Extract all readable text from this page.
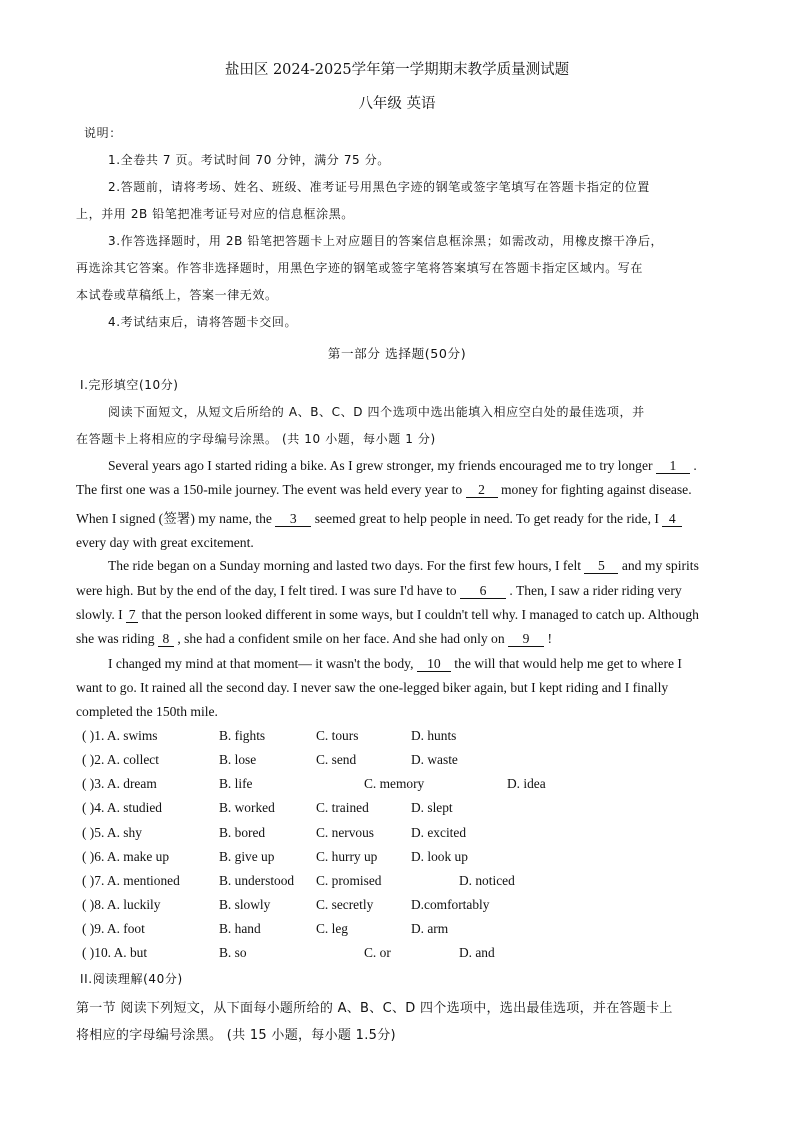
盐田区 2024-2025学年第一学期期末教学质量测试题
八年级 英语
说明：
1.全卷共 7 页。考试时间 70 分钟，满分 75 分。
2.答题前，请将考场、姓名、班级、准考证号用黑色字迹的钢笔或签字笔填写在答题卡指定的位置
上，并用 2B 铅笔把准考证号对应的信息框涂黑。
3.作答选择题时，用 2B 铅笔把答题卡上对应题目的答案信息框涂黑；如需改动，用橡皮擦干净后，
再选涂其它答案。作答非选择题时，用黑色字迹的钢笔或签字笔将答案填写在答题卡指定区域内。写在
本试卷或草稿纸上，答案一律无效。
4.考试结束后，请将答题卡交回。
第一部分 选择题(50分)
I.完形填空(10分)
阅读下面短文，从短文后所给的 A、B、C、D 四个选项中选出能填入相应空白处的最佳选项，并
在答题卡上将相应的字母编号涂黑。 (共 10 小题，每小题 1 分)
Several years ago I started riding a bike. As I grew stronger, my friends encouraged me to try longer 1 .
The first one was a 150-mile journey. The event was held every year to 2 money for fighting against disease.
When I signed (签署) my name, the 3 seemed great to help people in need. To get ready for the ride, I 4
every day with great excitement.
The ride began on a Sunday morning and lasted two days. For the first few hours, I felt 5 and my spirits
were high. But by the end of the day, I felt tired. I was sure I'd have to 6 . Then, I saw a rider riding very
slowly. I 7 that the person looked different in some ways, but I couldn't tell why. I managed to catch up. Although
she was riding 8 , she had a confident smile on her face. And she had only on 9 !
I changed my mind at that moment— it wasn't the body, 10 the will that would help me get to where I
want to go. It rained all the second day. I never saw the one-legged biker again, but I kept riding and I finally
completed the 150th mile.
( )1. A. swims	B. fights	C. tours	D. hunts
( )2. A. collect	B. lose	C. send	D. waste
( )3. A. dream	B. life	C. memory	D. idea
( )4. A. studied	B. worked	C. trained	D. slept
( )5. A. shy	B. bored	C. nervous	D. excited
( )6. A. make up	B. give up	C. hurry up	D. look up
( )7. A. mentioned	B. understood C. promised	D. noticed
( )8. A. luckily	B. slowly	C. secretly	D.comfortably
( )9. A. foot	B. hand	C. leg	D. arm
( )10. A. but	B. so	C. or	D. and
II.阅读理解(40分)
第一节 阅读下列短文，从下面每小题所给的 A、B、C、D 四个选项中，选出最佳选项，并在答题卡上
将相应的字母编号涂黑。 (共 15 小题，每小题 1.5分)
